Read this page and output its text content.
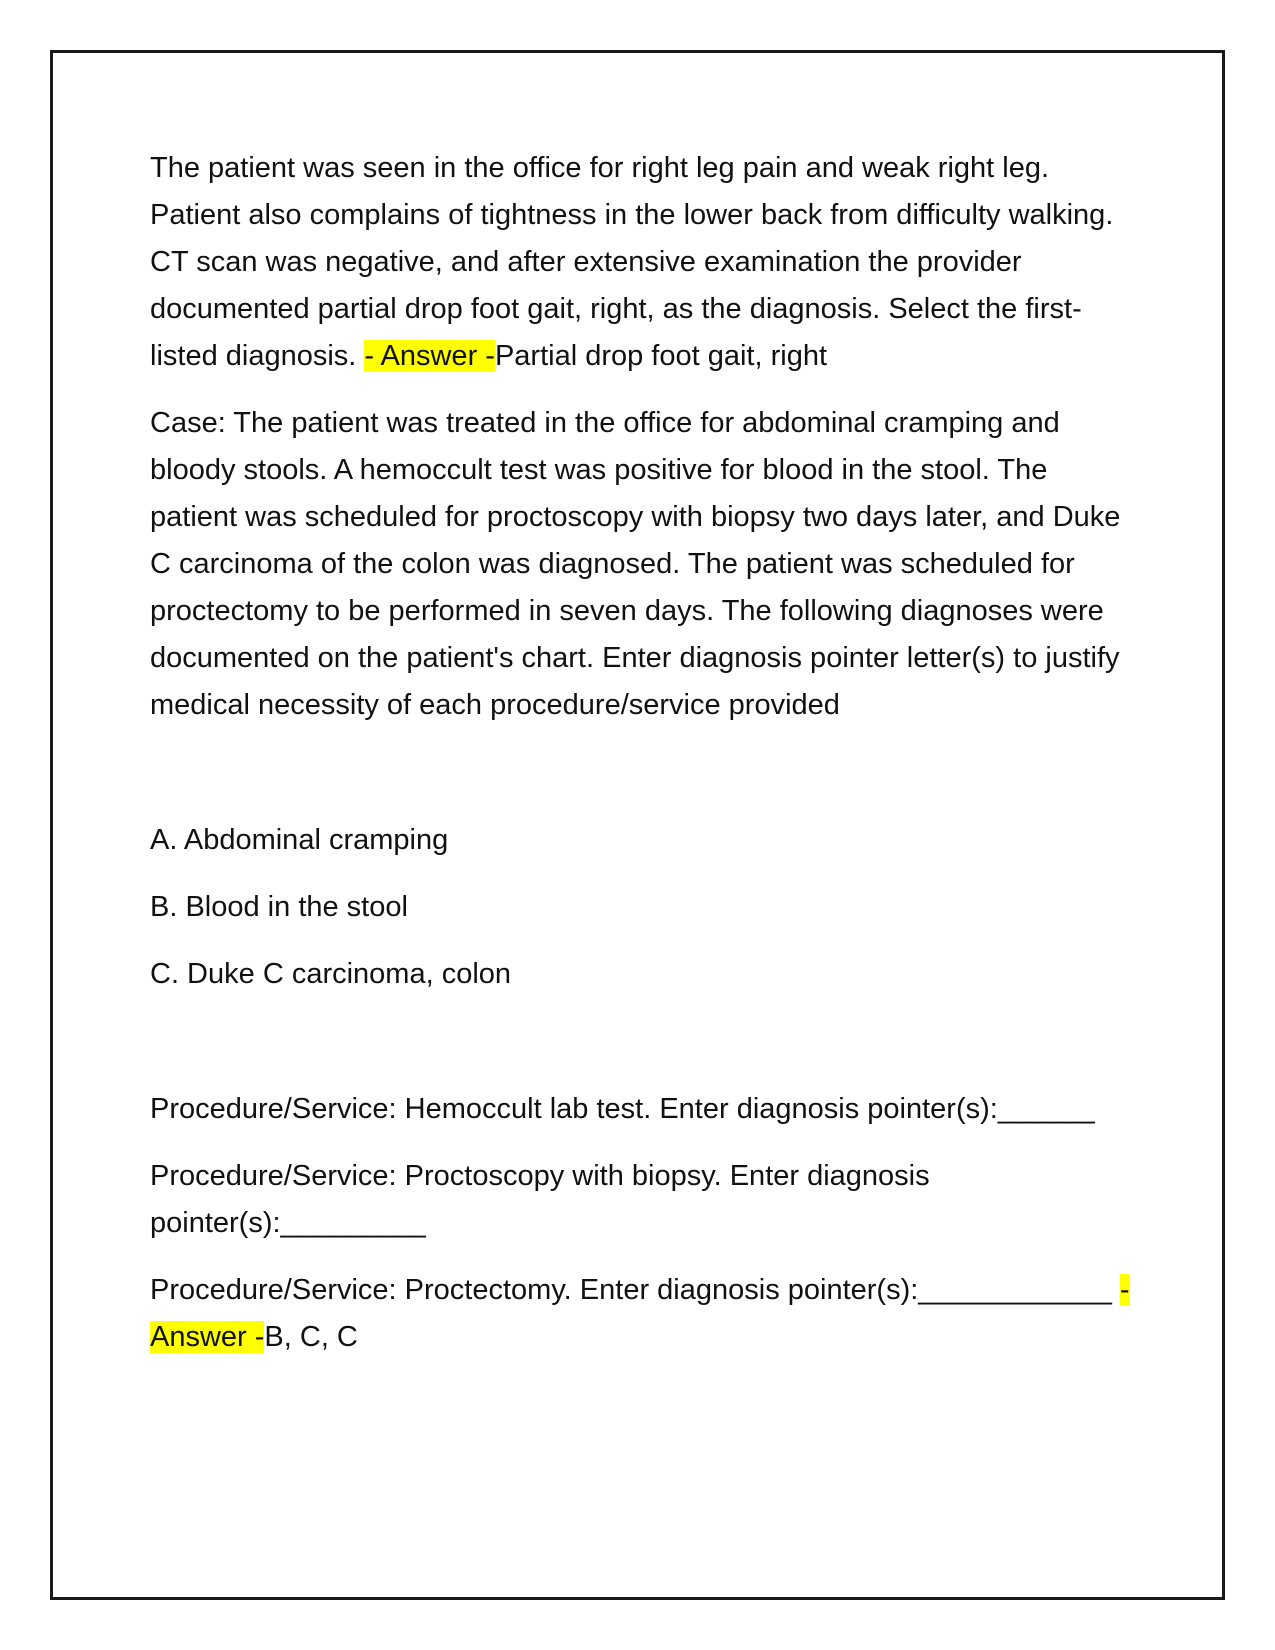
The patient was seen in the office for right leg pain and weak right leg. Patient also complains of tightness in the lower back from difficulty walking. CT scan was negative, and after extensive examination the provider documented partial drop foot gait, right, as the diagnosis. Select the first-listed diagnosis. - Answer -Partial drop foot gait, right

Case: The patient was treated in the office for abdominal cramping and bloody stools. A hemoccult test was positive for blood in the stool. The patient was scheduled for proctoscopy with biopsy two days later, and Duke C carcinoma of the colon was diagnosed. The patient was scheduled for proctectomy to be performed in seven days. The following diagnoses were documented on the patient's chart. Enter diagnosis pointer letter(s) to justify medical necessity of each procedure/service provided

A. Abdominal cramping

B. Blood in the stool

C. Duke C carcinoma, colon

Procedure/Service: Hemoccult lab test. Enter diagnosis pointer(s):______

Procedure/Service: Proctoscopy with biopsy. Enter diagnosis pointer(s):_________

Procedure/Service: Proctectomy. Enter diagnosis pointer(s):____________ - Answer -B, C, C
